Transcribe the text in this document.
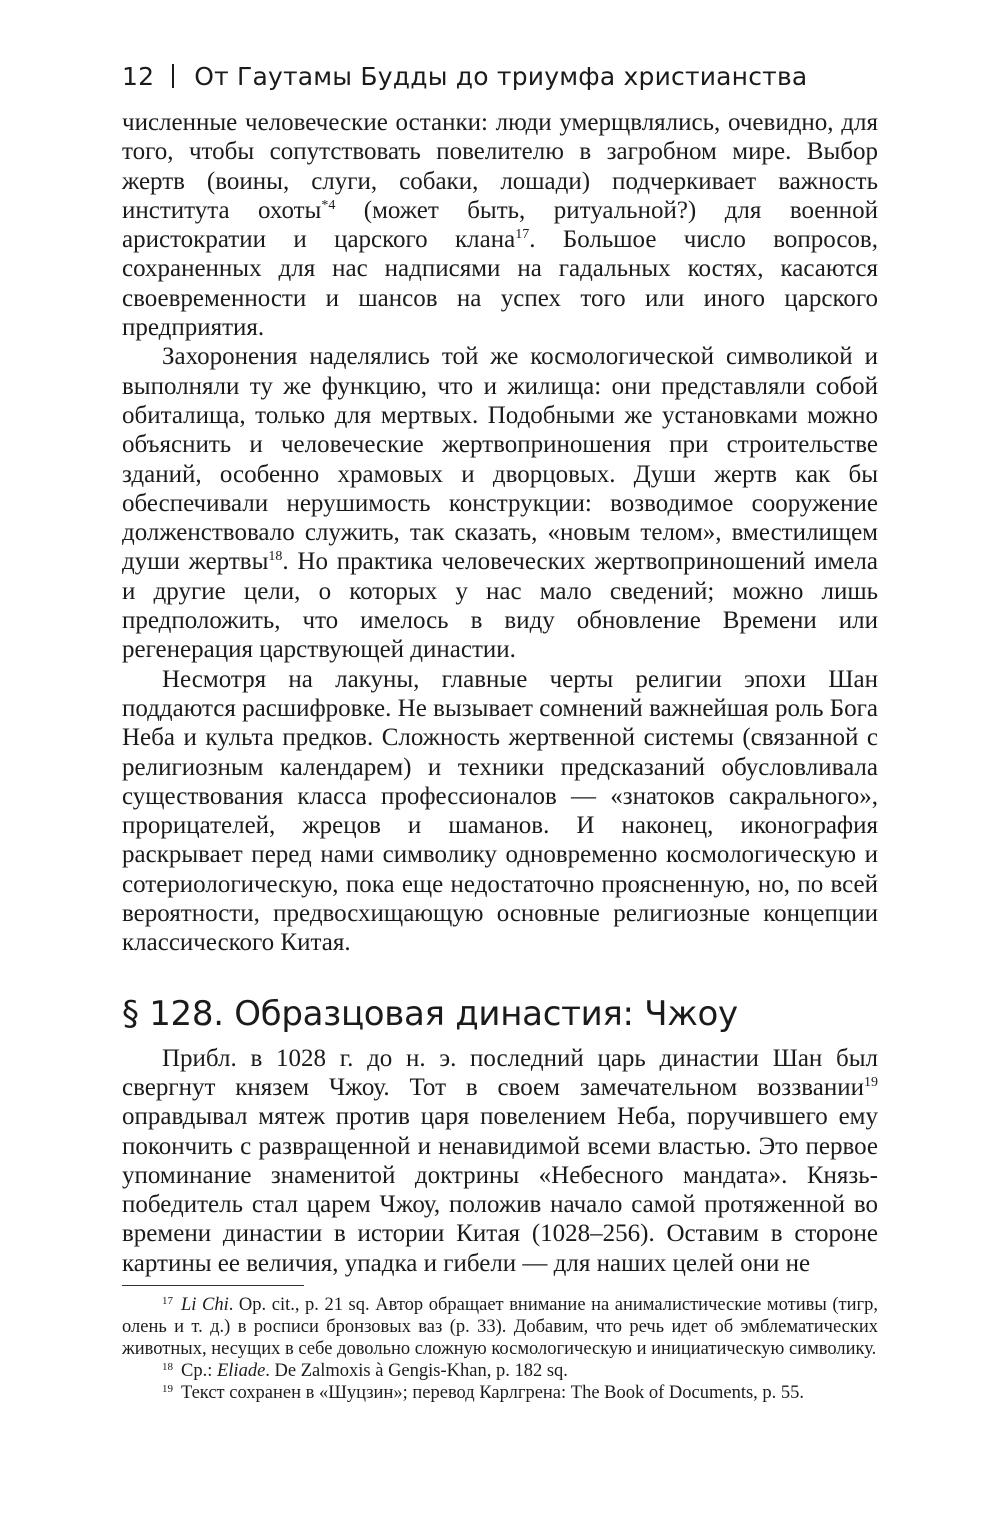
12 От Гаутамы Будды до триумфа христианства

численные человеческие останки: люди умерщвлялись, очевидно, для того, чтобы сопутствовать повелителю в загробном мире. Выбор жертв (воины, слуги, собаки, лошади) подчеркивает важность института охоты$^{*4}$ (может быть, ритуальной?) для военной аристократии и царского клана$^{17}$. Большое число вопросов, сохраненных для нас надписями на гадальных костях, касаются своевременности и шансов на успех того или иного царского предприятия.

Захоронения наделялись той же космологической символикой и выполняли ту же функцию, что и жилища: они представляли собой обиталища, только для мертвых. Подобными же установками можно объяснить и человеческие жертвоприношения при строительстве зданий, особенно храмовых и дворцовых. Души жертв как бы обеспечивали нерушимость конструкции: возводимое сооружение долженствовало служить, так сказать, «новым телом», вместилищем души жертвы$^{18}$. Но практика человеческих жертвоприношений имела и другие цели, о которых у нас мало сведений; можно лишь предположить, что имелось в виду обновление Времени или регенерация царствующей династии.

Несмотря на лакуны, главные черты религии эпохи Шан поддаются расшифровке. Не вызывает сомнений важнейшая роль Бога Неба и культа предков. Сложность жертвенной системы (связанной с религиозным календарем) и техники предсказаний обусловливала существования класса профессионалов — «знатоков сакрального», прорицателей, жрецов и шаманов. И наконец, иконография раскрывает перед нами символику одновременно космологическую и сотериологическую, пока еще недостаточно проясненную, но, по всей вероятности, предвосхищающую основные религиозные концепции классического Китая.

§ 128. Образцовая династия: Чжоу

Прибл. в 1028 г. до н. э. последний царь династии Шан был свергнут князем Чжоу. Тот в своем замечательном воззвании$^{19}$ оправдывал мятеж против царя повелением Неба, поручившего ему покончить с развращенной и ненавидимой всеми властью. Это первое упоминание знаменитой доктрины «Небесного мандата». Князь-победитель стал царем Чжоу, положив начало самой протяженной во времени династии в истории Китая (1028–256). Оставим в стороне картины ее величия, упадка и гибели — для наших целей они не

$^{17}$ Li Chi. Op. cit., p. 21 sq. Автор обращает внимание на анималистические мотивы (тигр, олень и т. д.) в росписи бронзовых ваз (p. 33). Добавим, что речь идет об эмблематических животных, несущих в себе довольно сложную космологическую и инициатическую символику.

$^{18}$ Ср.: Eliade. De Zalmoxis à Gengis-Khan, p. 182 sq.

$^{19}$ Текст сохранен в «Шуцзин»; перевод Карлгрена: The Book of Documents, p. 55.
